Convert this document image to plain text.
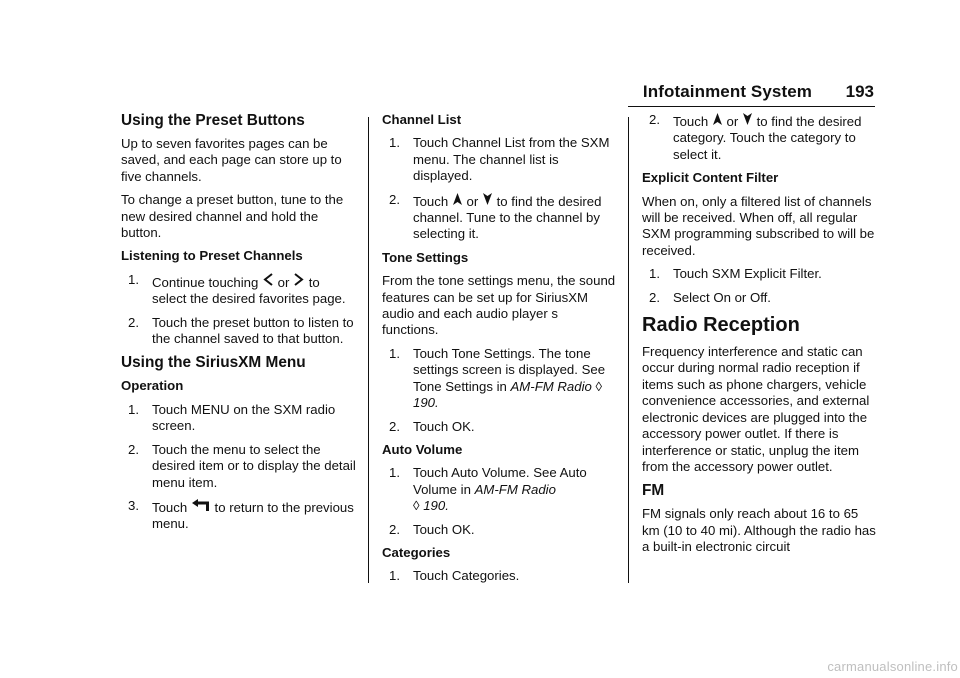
Infotainment System 193
Using the Preset Buttons

Up to seven favorites pages can be saved, and each page can store up to five channels.

To change a preset button, tune to the new desired channel and hold the button.

Listening to Preset Channels
1. Continue touching or to select the desired favorites page.
2. Touch the preset button to listen to the channel saved to that button.
Using the SiriusXM Menu
Operation
1. Touch MENU on the SXM radio screen.
2. Touch the menu to select the desired item or to display the detail menu item.
3. Touch to return to the previous menu.
Channel List
1. Touch Channel List from the SXM menu. The channel list is displayed.
2. Touch or to find the desired channel. Tune to the channel by selecting it.
Tone Settings

From the tone settings menu, the sound features can be set up for SiriusXM audio and each audio player s functions.

1. Touch Tone Settings. The tone settings screen is displayed. See Tone Settings in AM-FM Radio ◊ 190.
2. Touch OK.
Auto Volume
1. Touch Auto Volume. See Auto Volume in AM-FM Radio
◊ 190.
2. Touch OK.
Categories
1. Touch Categories.
2. Touch or to find the desired category. Touch the category to select it.
Explicit Content Filter

When on, only a filtered list of channels will be received. When off, all regular SXM programming subscribed to will be received.

1. Touch SXM Explicit Filter.
2. Select On or Off.
Radio Reception

Frequency interference and static can occur during normal radio reception if items such as phone chargers, vehicle convenience accessories, and external electronic devices are plugged into the accessory power outlet. If there is interference or static, unplug the item from the accessory power outlet.

FM

FM signals only reach about 16 to 65 km (10 to 40 mi). Although the radio has a built-in electronic circuit

carmanualsonline.info
